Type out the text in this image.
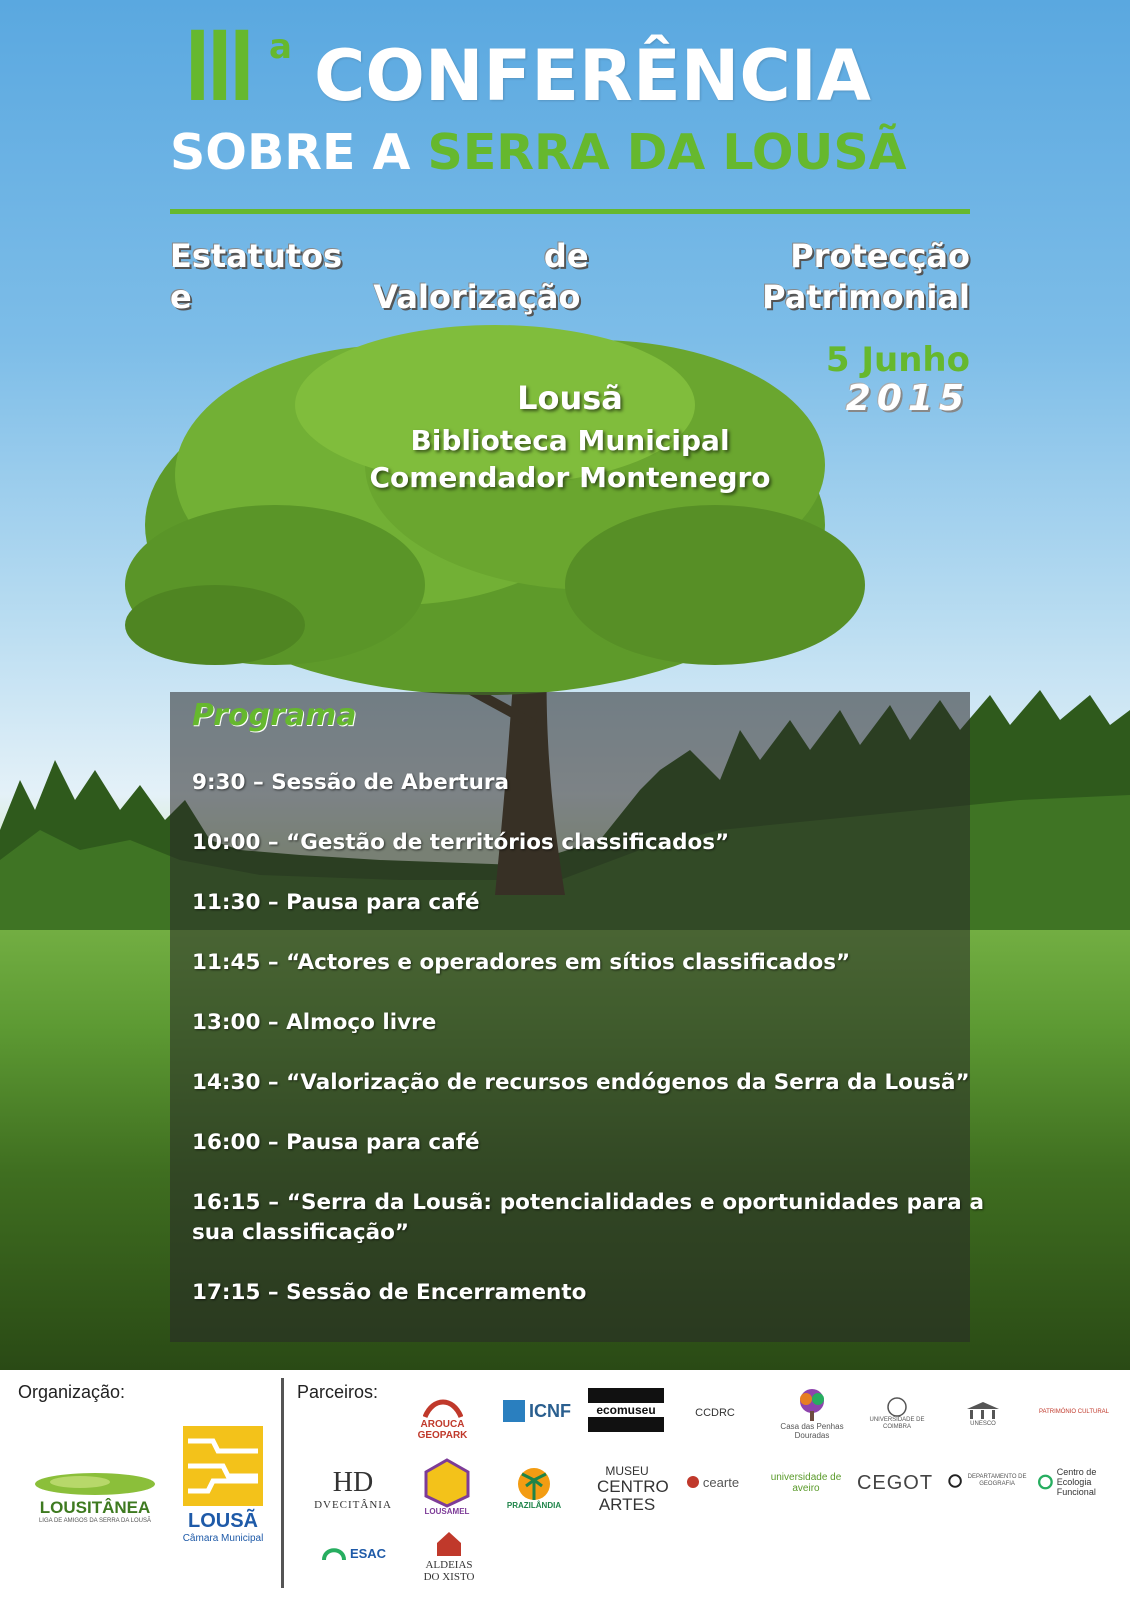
III a CONFERÊNCIA
SOBRE A SERRA DA LOUSÃ
Estatutos de Protecção
e Valorização Patrimonial
5 Junho
2015
Lousã
Biblioteca Municipal
Comendador Montenegro
Programa
9:30 – Sessão de Abertura
10:00 – “Gestão de territórios classificados”
11:30 – Pausa para café
11:45 – “Actores e operadores em sítios classificados”
13:00 – Almoço livre
14:30 – “Valorização de recursos endógenos da Serra da Lousã”
16:00 – Pausa para café
16:15 – “Serra da Lousã: potencialidades e oportunidades para a sua classificação”
17:15 – Sessão de Encerramento
Organização:	Parceiros:
LOUSITÂNEA
LIGA DE AMIGOS DA SERRA DA LOUSÃ LOUSÃ
Câmara Municipal
AROUCA GEOPARK
ICNF	ecomuseu	CCDRC
Casa das Penhas Douradas
UNIVERSIDADE DE COIMBRA
UNESCO
PATRIMÓNIO CULTURAL
HD
DVECITÂNIA
LOUSAMEL
PRAZILÂNDIA
MUSEU
CENTRO ARTES
cearte	universidade de aveiro	CEGOT	DEPARTAMENTO DE GEOGRAFIA
Centro de Ecologia Funcional
ESAC
ALDEIAS DO XISTO
